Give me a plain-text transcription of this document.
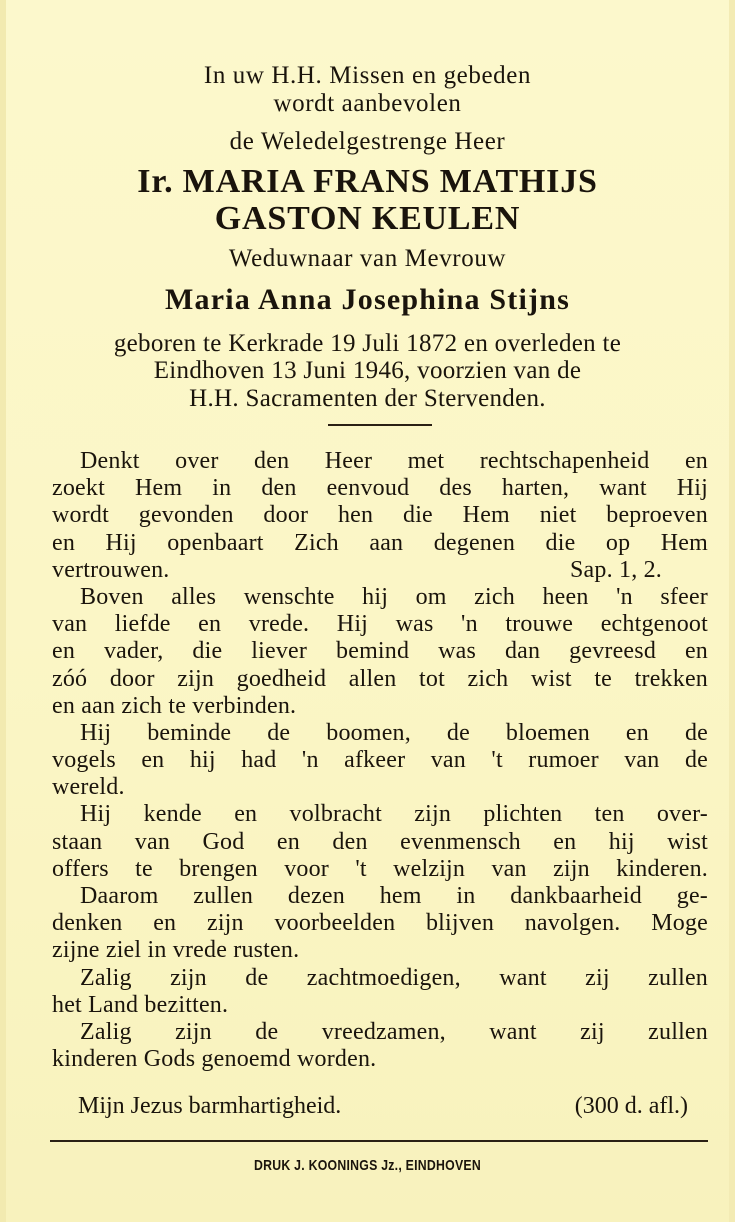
In uw H.H. Missen en gebeden
wordt aanbevolen
de Weledelgestrenge Heer
Ir. MARIA FRANS MATHIJS
GASTON KEULEN
Weduwnaar van Mevrouw
Maria Anna Josephina Stijns
geboren te Kerkrade 19 Juli 1872 en overleden te
Eindhoven 13 Juni 1946, voorzien van de
H.H. Sacramenten der Stervenden.
Denkt over den Heer met rechtschapenheid en
zoekt Hem in den eenvoud des harten, want Hij
wordt gevonden door hen die Hem niet beproeven
en Hij openbaart Zich aan degenen die op Hem
vertrouwen.	Sap. 1, 2.
Boven alles wenschte hij om zich heen 'n sfeer
van liefde en vrede. Hij was 'n trouwe echtgenoot
en vader, die liever bemind was dan gevreesd en
zóó door zijn goedheid allen tot zich wist te trekken
en aan zich te verbinden.
Hij beminde de boomen, de bloemen en de
vogels en hij had 'n afkeer van 't rumoer van de
wereld.
Hij kende en volbracht zijn plichten ten over-
staan van God en den evenmensch en hij wist
offers te brengen voor 't welzijn van zijn kinderen.
Daarom zullen dezen hem in dankbaarheid ge-
denken en zijn voorbeelden blijven navolgen. Moge
zijne ziel in vrede rusten.
Zalig zijn de zachtmoedigen, want zij zullen
het Land bezitten.
Zalig zijn de vreedzamen, want zij zullen
kinderen Gods genoemd worden.
Mijn Jezus barmhartigheid.	(300 d. afl.)
DRUK J. KOONINGS Jz., EINDHOVEN
